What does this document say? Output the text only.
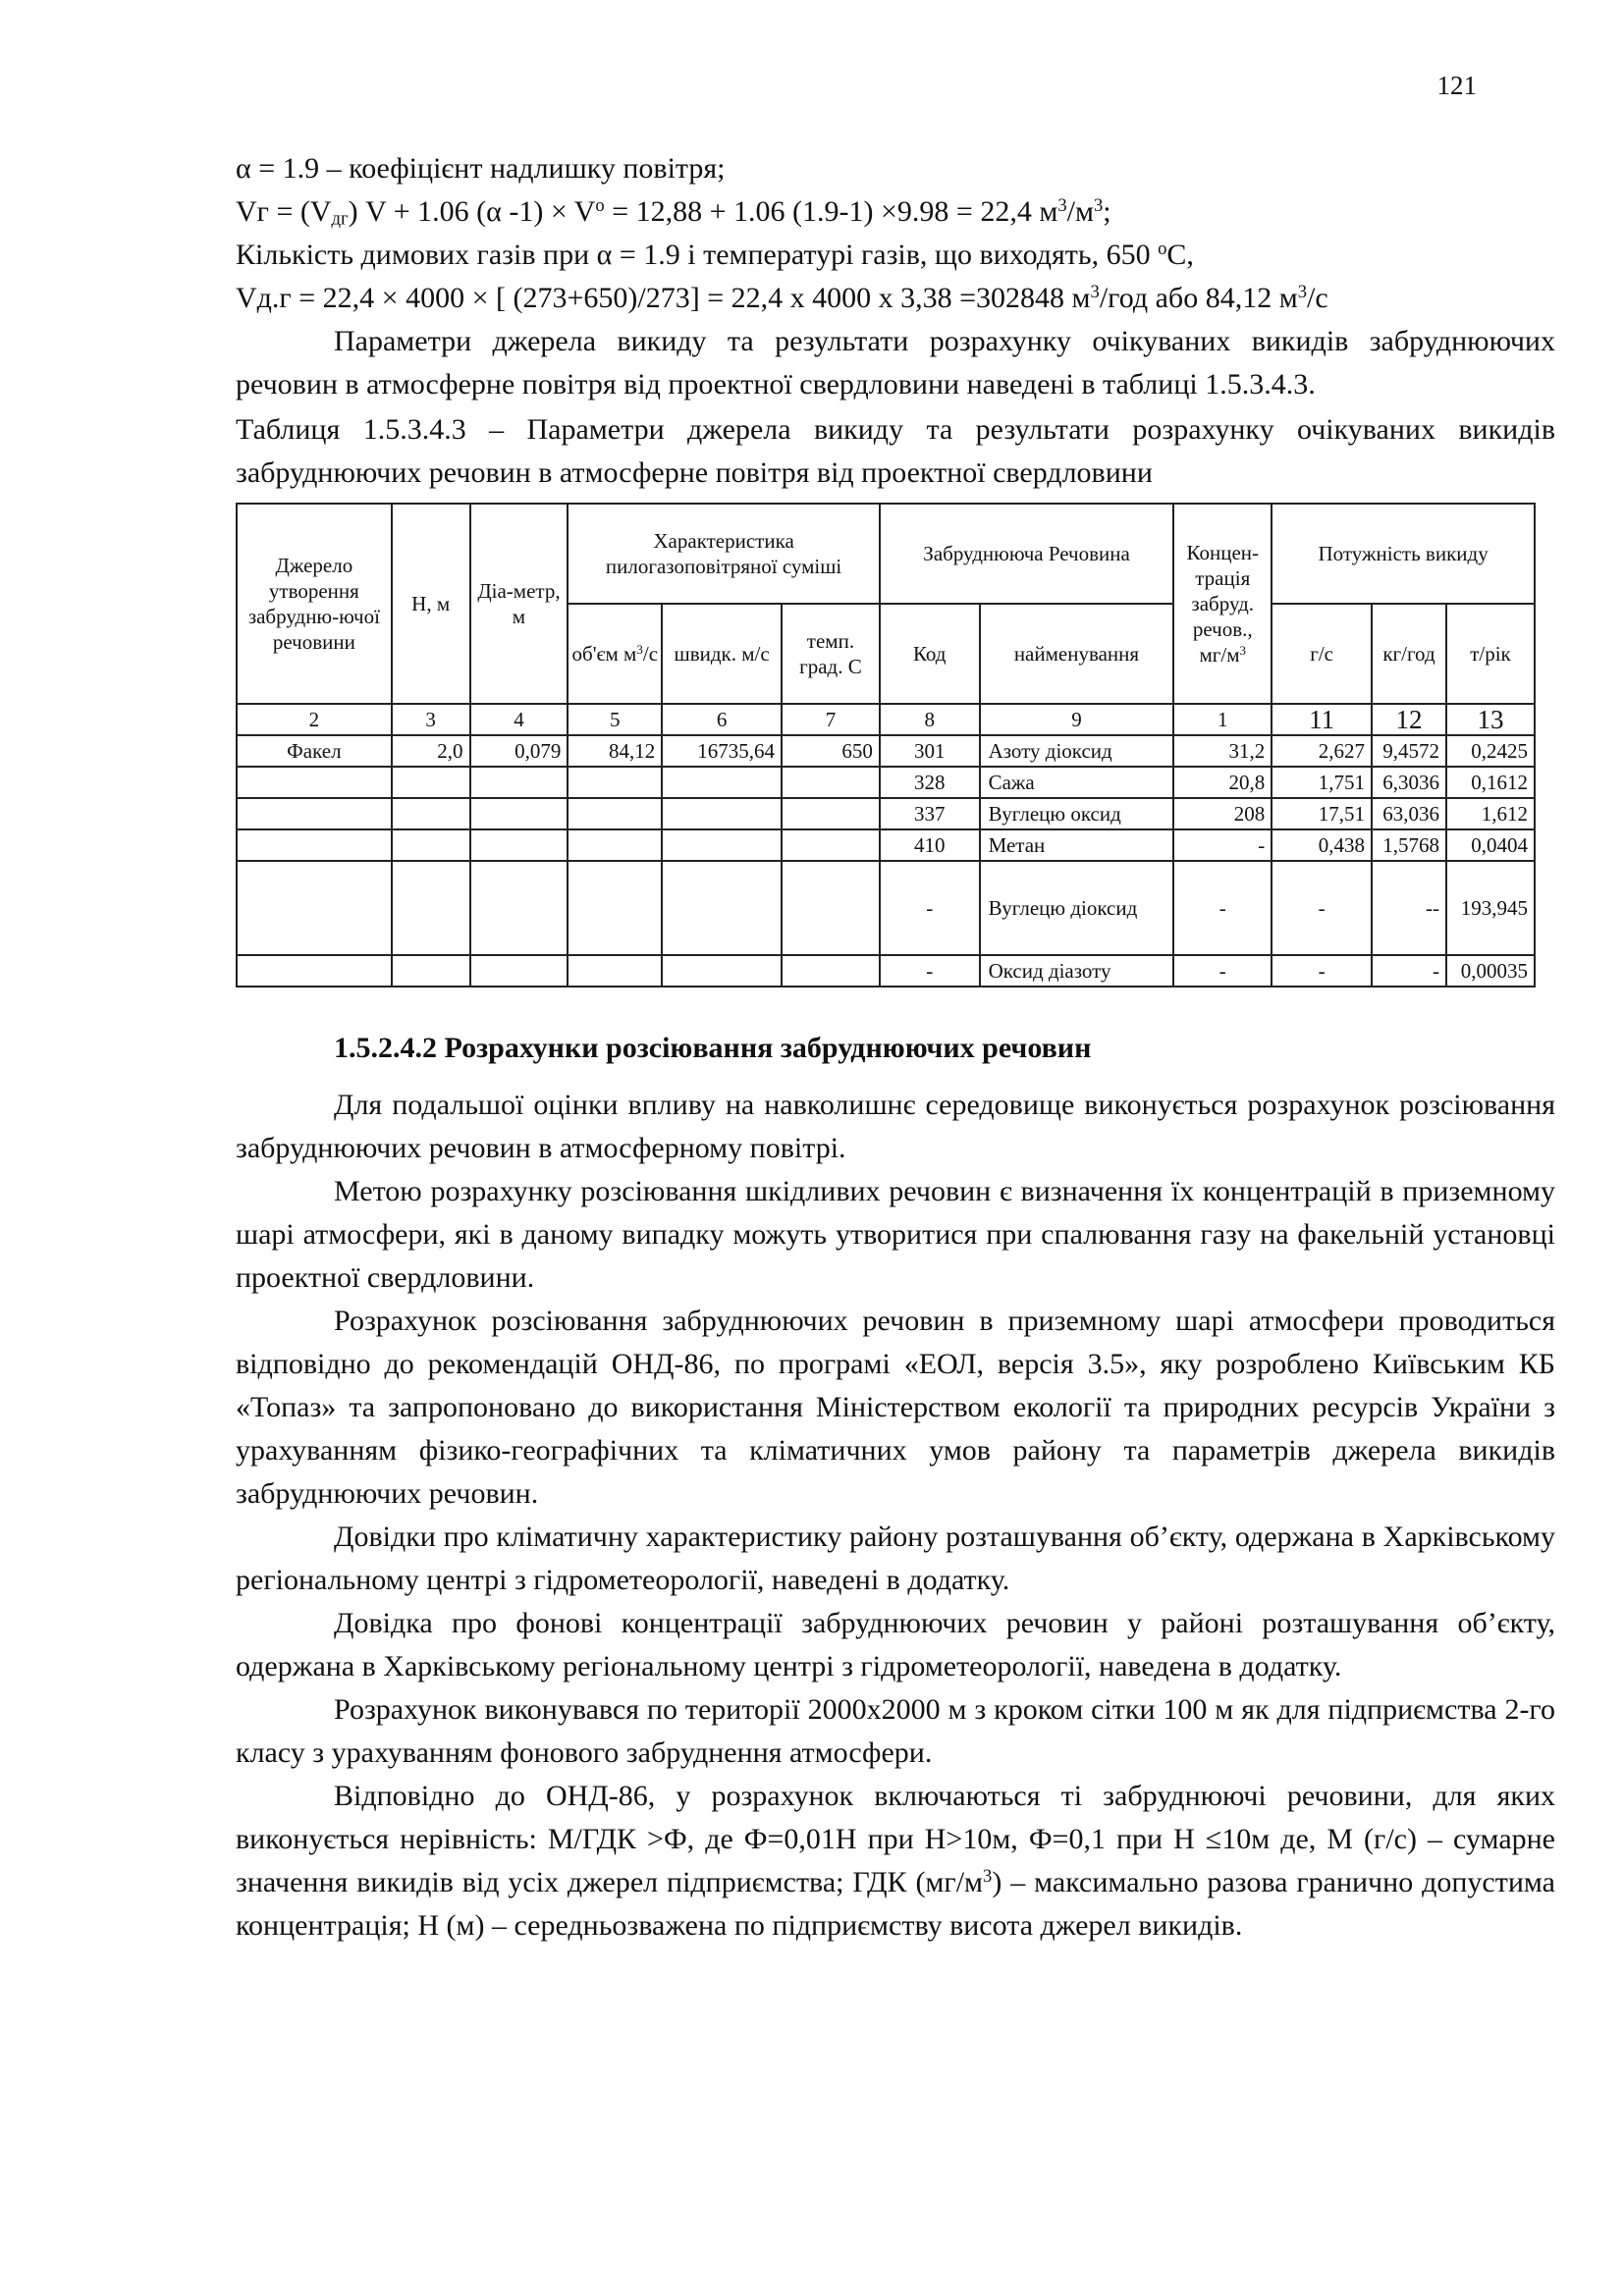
121
α = 1.9 – коефіцієнт надлишку повітря;
Vг = $(V_{дг}) V + 1.06$ (α $-1) \times V^о = 12,88 + 1.06$ (1.9-1) ×9.98 = 22,4 $м^3/м^3$;
Кількість димових газів при α = 1.9 і температурі газів, що виходять, 650 $^о$С,
Vд.г = 22,4 × 4000 × [ (273+650)/273] = 22,4 х 4000 х 3,38 =302848 $м^3$/год або 84,12 $м^3/с$

Параметри джерела викиду та результати розрахунку очікуваних викидів забруднюючих речовин в атмосферне повітря від проектної свердловини наведені в таблиці 1.5.3.4.3.

Таблиця 1.5.3.4.3 – Параметри джерела викиду та результати розрахунку очікуваних викидів забруднюючих речовин в атмосферне повітря від проектної свердловини

Джерело утворення забрудню-ючої речовини	Н, м	Діа-метр, м	Характеристика пилогазоповітряної суміші			Забруднююча Речовина		Концен-трація забруд. речов., $мг/м^3$	Потужність викиду		
			об'єм $м^3/с$	швидк. м/с	темп. град. С	Код	найменування		г/с	кг/год	т/рік
2	3	4	5	6	7	8	9	1	11	12	13
Факел	2,0	0,079	84,12	16735,64	650	301	Азоту діоксид	31,2	2,627	9,4572	0,2425
						328	Сажа	20,8	1,751	6,3036	0,1612
						337	Вуглецю оксид	208	17,51	63,036	1,612
						410	Метан	-	0,438	1,5768	0,0404
						-	Вуглецю діоксид	-	-	--	193,945
						-	Оксид діазоту	-	-	-	0,00035
1.5.2.4.2 Розрахунки розсіювання забруднюючих речовин

Для подальшої оцінки впливу на навколишнє середовище виконується розрахунок розсіювання забруднюючих речовин в атмосферному повітрі.

Метою розрахунку розсіювання шкідливих речовин є визначення їх концентрацій в приземному шарі атмосфери, які в даному випадку можуть утворитися при спалювання газу на факельній установці проектної свердловини.

Розрахунок розсіювання забруднюючих речовин в приземному шарі атмосфери проводиться відповідно до рекомендацій ОНД-86, по програмі «ЕОЛ, версія 3.5», яку розроблено Київським КБ «Топаз» та запропоновано до використання Міністерством екології та природних ресурсів України з урахуванням фізико-географічних та кліматичних умов району та параметрів джерела викидів забруднюючих речовин.

Довідки про кліматичну характеристику району розташування об’єкту, одержана в Харківському регіональному центрі з гідрометеорології, наведені в додатку.

Довідка про фонові концентрації забруднюючих речовин у районі розташування об’єкту, одержана в Харківському регіональному центрі з гідрометеорології, наведена в додатку.

Розрахунок виконувався по території 2000х2000 м з кроком сітки 100 м як для підприємства 2-го класу з урахуванням фонового забруднення атмосфери.

Відповідно до ОНД-86, у розрахунок включаються ті забруднюючі речовини, для яких виконується нерівність: М/ГДК >Ф, де Ф=0,01Н при Н>10м, Ф=0,1 при Н ≤10м де, М (г/с) – сумарне значення викидів від усіх джерел підприємства; ГДК $(мг/м^3)$ – максимально разова гранично допустима концентрація; Н (м) – середньозважена по підприємству висота джерел викидів.
